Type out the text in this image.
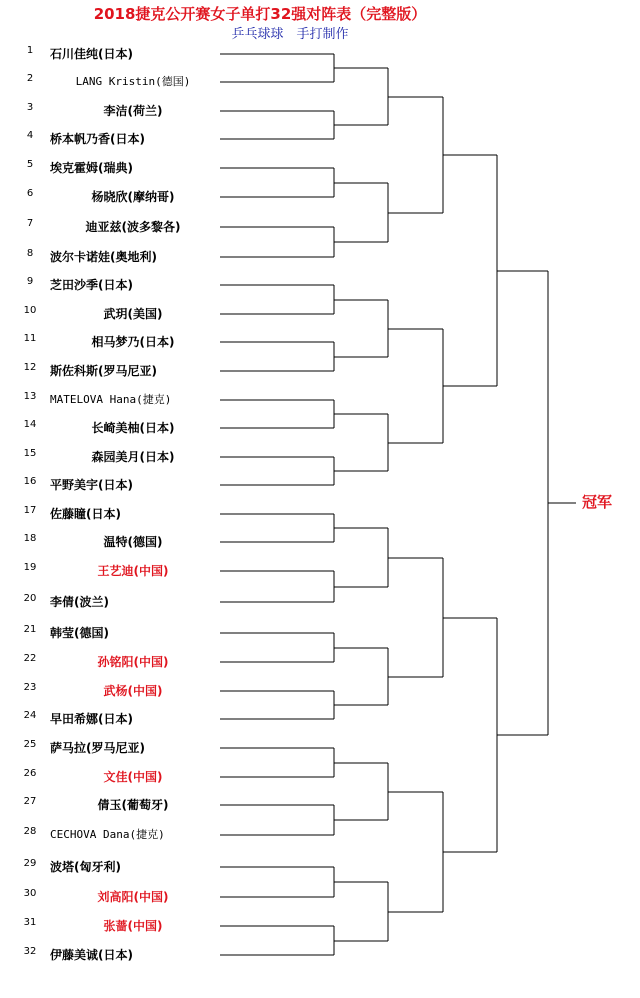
2018捷克公开赛女子单打32强对阵表（完整版）
乒乓球球　手打制作
1	石川佳纯(日本)
2	LANG Kristin(德国)
3	李洁(荷兰)
4	桥本帆乃香(日本)
5	埃克霍姆(瑞典)
6	杨晓欣(摩纳哥)
7	迪亚兹(波多黎各)
8	波尔卡诺娃(奥地利)
9	芝田沙季(日本)
10	武玥(美国)
11	相马梦乃(日本)
12	斯佐科斯(罗马尼亚)
13	MATELOVA Hana(捷克)
14	长崎美柚(日本)
15	森园美月(日本)
16	平野美宇(日本)
17	佐藤瞳(日本)
18	温特(德国)
19	王艺迪(中国)
20	李倩(波兰)
21	韩莹(德国)
22	孙铭阳(中国)
23	武杨(中国)
24	早田希娜(日本)
25	萨马拉(罗马尼亚)
26	文佳(中国)
27	倩玉(葡萄牙)
28	CECHOVA Dana(捷克)
29	波塔(匈牙利)
30	刘高阳(中国)
31	张蔷(中国)
32	伊藤美诚(日本)
冠军
